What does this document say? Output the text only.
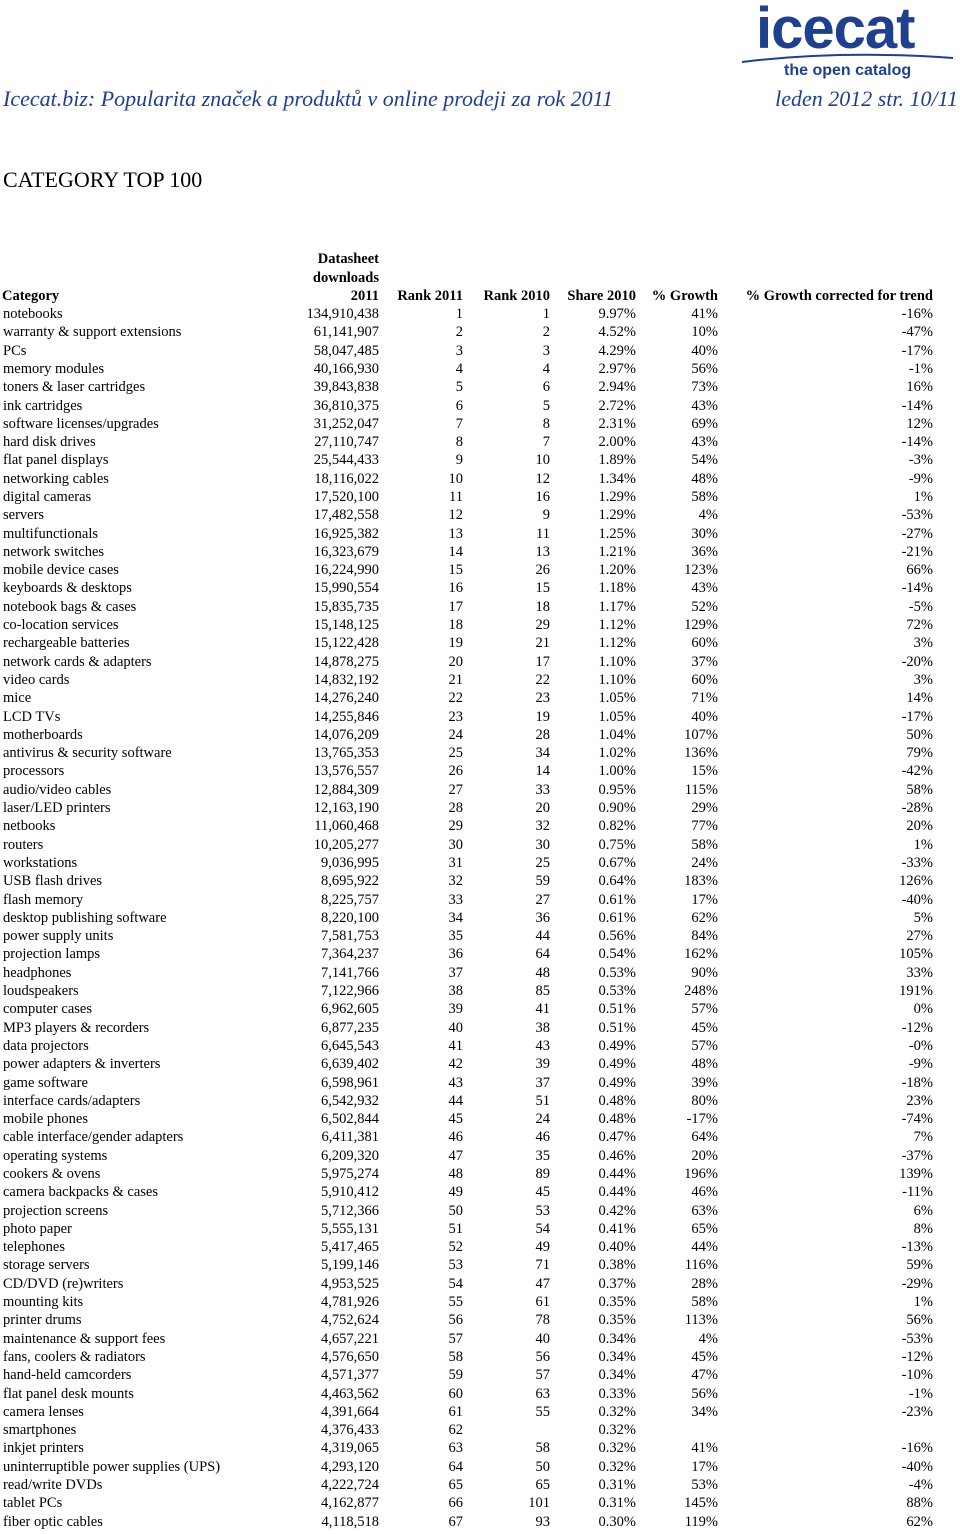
icecat
the open catalog
Icecat.biz: Popularita značek a produktů v online prodeji za rok 2011	leden 2012 str. 10/11
CATEGORY TOP 100
	Datasheet					
	downloads					
Category	2011	Rank 2011	Rank 2010	Share 2010	% Growth	% Growth corrected for trend
notebooks	134,910,438	1	1	9.97%	41%	-16%
warranty & support extensions	61,141,907	2	2	4.52%	10%	-47%
PCs	58,047,485	3	3	4.29%	40%	-17%
memory modules	40,166,930	4	4	2.97%	56%	-1%
toners & laser cartridges	39,843,838	5	6	2.94%	73%	16%
ink cartridges	36,810,375	6	5	2.72%	43%	-14%
software licenses/upgrades	31,252,047	7	8	2.31%	69%	12%
hard disk drives	27,110,747	8	7	2.00%	43%	-14%
flat panel displays	25,544,433	9	10	1.89%	54%	-3%
networking cables	18,116,022	10	12	1.34%	48%	-9%
digital cameras	17,520,100	11	16	1.29%	58%	1%
servers	17,482,558	12	9	1.29%	4%	-53%
multifunctionals	16,925,382	13	11	1.25%	30%	-27%
network switches	16,323,679	14	13	1.21%	36%	-21%
mobile device cases	16,224,990	15	26	1.20%	123%	66%
keyboards & desktops	15,990,554	16	15	1.18%	43%	-14%
notebook bags & cases	15,835,735	17	18	1.17%	52%	-5%
co-location services	15,148,125	18	29	1.12%	129%	72%
rechargeable batteries	15,122,428	19	21	1.12%	60%	3%
network cards & adapters	14,878,275	20	17	1.10%	37%	-20%
video cards	14,832,192	21	22	1.10%	60%	3%
mice	14,276,240	22	23	1.05%	71%	14%
LCD TVs	14,255,846	23	19	1.05%	40%	-17%
motherboards	14,076,209	24	28	1.04%	107%	50%
antivirus & security software	13,765,353	25	34	1.02%	136%	79%
processors	13,576,557	26	14	1.00%	15%	-42%
audio/video cables	12,884,309	27	33	0.95%	115%	58%
laser/LED printers	12,163,190	28	20	0.90%	29%	-28%
netbooks	11,060,468	29	32	0.82%	77%	20%
routers	10,205,277	30	30	0.75%	58%	1%
workstations	9,036,995	31	25	0.67%	24%	-33%
USB flash drives	8,695,922	32	59	0.64%	183%	126%
flash memory	8,225,757	33	27	0.61%	17%	-40%
desktop publishing software	8,220,100	34	36	0.61%	62%	5%
power supply units	7,581,753	35	44	0.56%	84%	27%
projection lamps	7,364,237	36	64	0.54%	162%	105%
headphones	7,141,766	37	48	0.53%	90%	33%
loudspeakers	7,122,966	38	85	0.53%	248%	191%
computer cases	6,962,605	39	41	0.51%	57%	0%
MP3 players & recorders	6,877,235	40	38	0.51%	45%	-12%
data projectors	6,645,543	41	43	0.49%	57%	-0%
power adapters & inverters	6,639,402	42	39	0.49%	48%	-9%
game software	6,598,961	43	37	0.49%	39%	-18%
interface cards/adapters	6,542,932	44	51	0.48%	80%	23%
mobile phones	6,502,844	45	24	0.48%	-17%	-74%
cable interface/gender adapters	6,411,381	46	46	0.47%	64%	7%
operating systems	6,209,320	47	35	0.46%	20%	-37%
cookers & ovens	5,975,274	48	89	0.44%	196%	139%
camera backpacks & cases	5,910,412	49	45	0.44%	46%	-11%
projection screens	5,712,366	50	53	0.42%	63%	6%
photo paper	5,555,131	51	54	0.41%	65%	8%
telephones	5,417,465	52	49	0.40%	44%	-13%
storage servers	5,199,146	53	71	0.38%	116%	59%
CD/DVD (re)writers	4,953,525	54	47	0.37%	28%	-29%
mounting kits	4,781,926	55	61	0.35%	58%	1%
printer drums	4,752,624	56	78	0.35%	113%	56%
maintenance & support fees	4,657,221	57	40	0.34%	4%	-53%
fans, coolers & radiators	4,576,650	58	56	0.34%	45%	-12%
hand-held camcorders	4,571,377	59	57	0.34%	47%	-10%
flat panel desk mounts	4,463,562	60	63	0.33%	56%	-1%
camera lenses	4,391,664	61	55	0.32%	34%	-23%
smartphones	4,376,433	62		0.32%		
inkjet printers	4,319,065	63	58	0.32%	41%	-16%
uninterruptible power supplies (UPS)	4,293,120	64	50	0.32%	17%	-40%
read/write DVDs	4,222,724	65	65	0.31%	53%	-4%
tablet PCs	4,162,877	66	101	0.31%	145%	88%
fiber optic cables	4,118,518	67	93	0.30%	119%	62%
